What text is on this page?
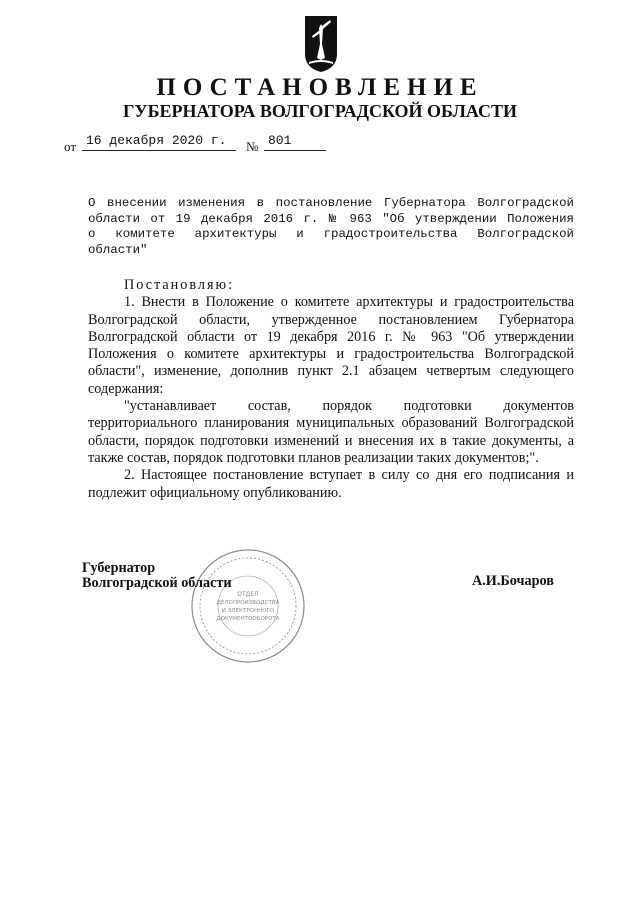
ПОСТАНОВЛЕНИЕ
ГУБЕРНАТОРА ВОЛГОГРАДСКОЙ ОБЛАСТИ
от 16 декабря 2020 г.	№ 801
О внесении изменения в постановление Губернатора Волгоградской
области от 19 декабря 2016 г. № 963 "Об утверждении Положения
о комитете архитектуры и градостроительства Волгоградской области"

Постановляю:

1. Внести в Положение о комитете архитектуры и градостроительства Волгоградской области, утвержденное постановлением Губернатора Волгоградской области от 19 декабря 2016 г. № 963 "Об утверждении Положения о комитете архитектуры и градостроительства Волгоградской области", изменение, дополнив пункт 2.1 абзацем четвертым следующего содержания:

"устанавливает состав, порядок подготовки документов территориального планирования муниципальных образований Волгоградской области, порядок подготовки изменений и внесения их в такие документы, а также состав, порядок подготовки планов реализации таких документов;".

2. Настоящее постановление вступает в силу со дня его подписания и подлежит официальному опубликованию.

ОТДЕЛ
ДЕЛОПРОИЗВОДСТВА
И ЭЛЕКТРОННОГО
ДОКУМЕНТООБОРОТА
Губернатор
Волгоградской области	А.И.Бочаров
